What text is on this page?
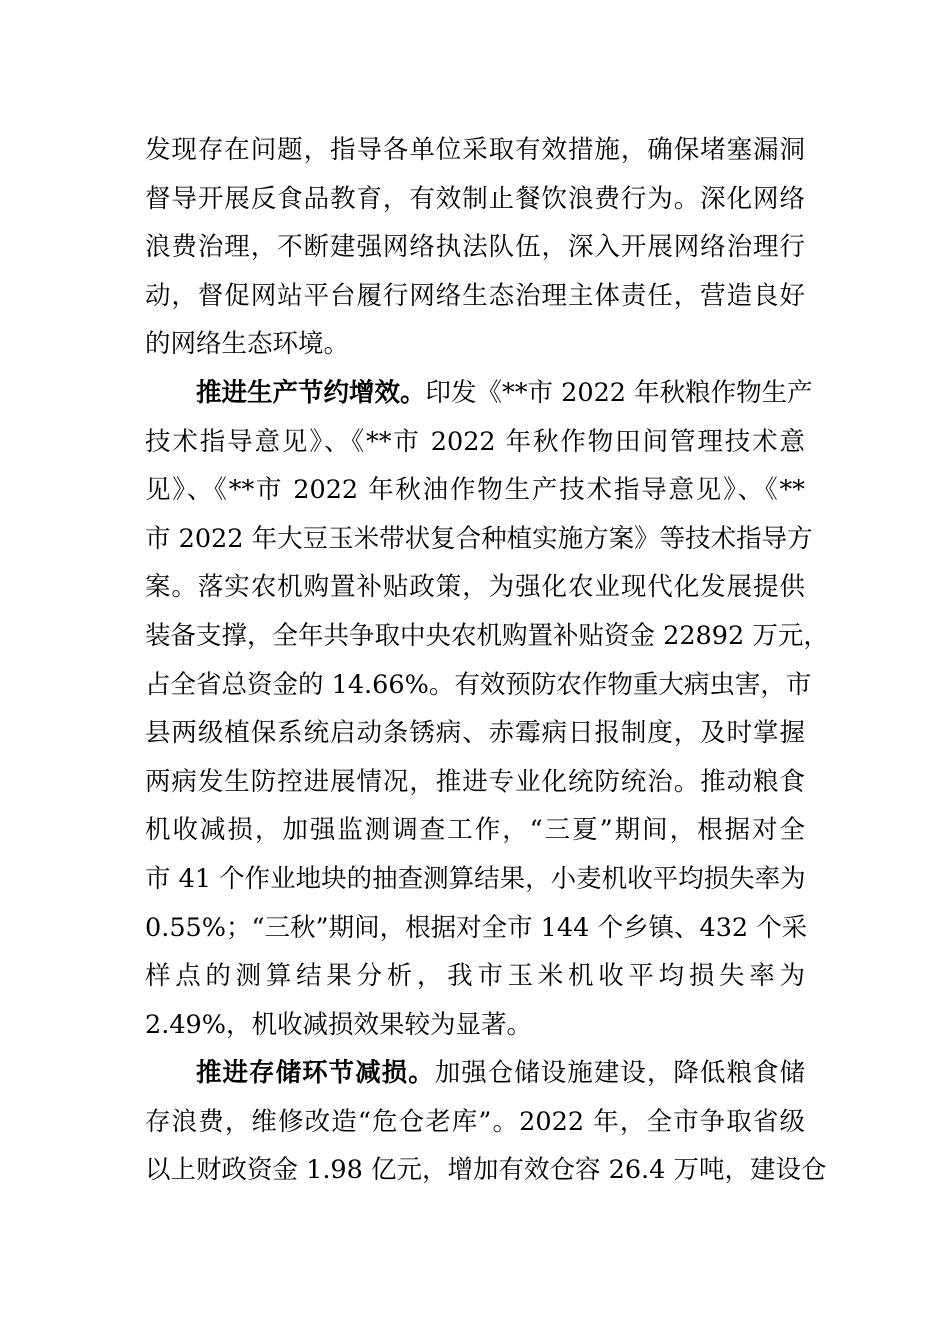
发现存在问题，指导各单位采取有效措施，确保堵塞漏洞
督导开展反食品教育，有效制止餐饮浪费行为。深化网络
浪费治理，不断建强网络执法队伍，深入开展网络治理行
动，督促网站平台履行网络生态治理主体责任，营造良好
的网络生态环境。
推进生产节约增效。印发《**市 2022 年秋粮作物生产
技术指导意见》、《**市 2022 年秋作物田间管理技术意
见》、《**市 2022 年秋油作物生产技术指导意见》、《**
市 2022 年大豆玉米带状复合种植实施方案》等技术指导方
案。落实农机购置补贴政策，为强化农业现代化发展提供
装备支撑，全年共争取中央农机购置补贴资金 22892 万元，
占全省总资金的 14.66%。有效预防农作物重大病虫害，市
县两级植保系统启动条锈病、赤霉病日报制度，及时掌握
两病发生防控进展情况，推进专业化统防统治。推动粮食
机收减损，加强监测调查工作，“三夏”期间，根据对全
市 41 个作业地块的抽查测算结果，小麦机收平均损失率为
0.55%；“三秋”期间，根据对全市 144 个乡镇、432 个采
样点的测算结果分析，我市玉米机收平均损失率为
2.49%，机收减损效果较为显著。
推进存储环节减损。加强仓储设施建设，降低粮食储
存浪费，维修改造“危仓老库”。2022 年，全市争取省级
以上财政资金 1.98 亿元，增加有效仓容 26.4 万吨，建设仓
